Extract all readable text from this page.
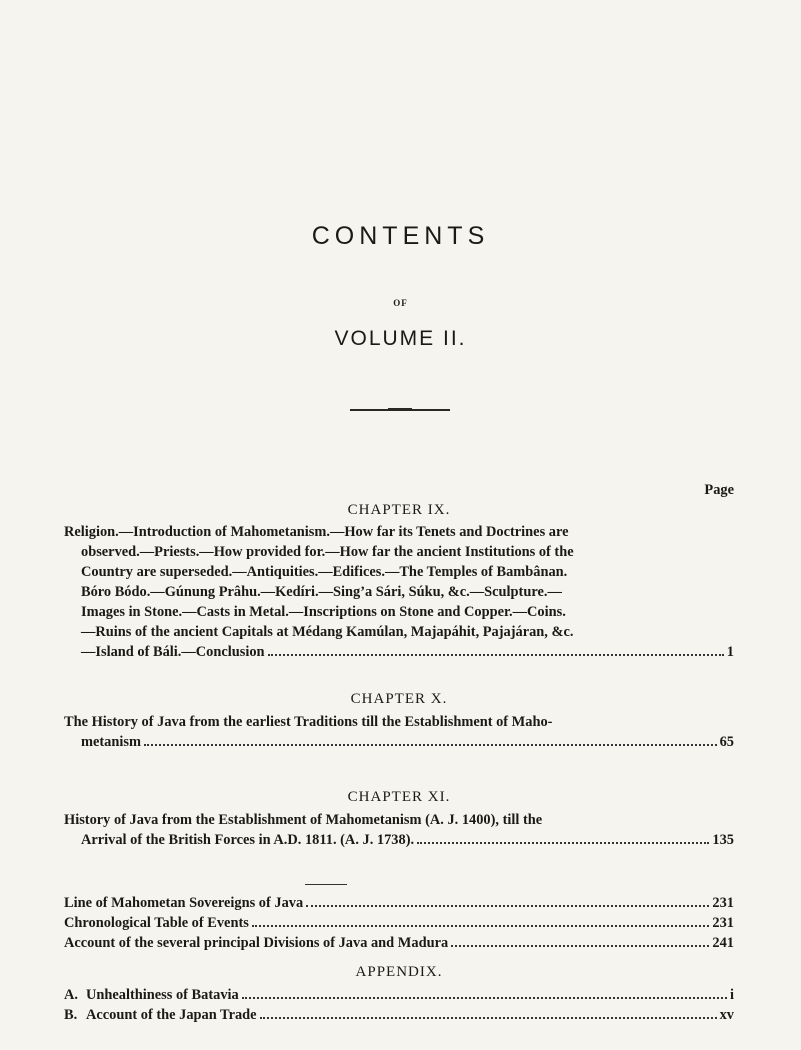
CONTENTS
OF
VOLUME II.
Page
CHAPTER IX.

Religion.—Introduction of Mahometanism.—How far its Tenets and Doctrines are

observed.—Priests.—How provided for.—How far the ancient Institutions of the

Country are superseded.—Antiquities.—Edifices.—The Temples of Bambânan.

Bóro Bódo.—Gúnung Prâhu.—Kedíri.—Sing’a Sári, Súku, &c.—Sculpture.—

Images in Stone.—Casts in Metal.—Inscriptions on Stone and Copper.—Coins.

—Ruins of the ancient Capitals at Médang Kamúlan, Majapáhit, Pajajáran, &c.

—Island of Báli.—Conclusion	1
CHAPTER X.

The History of Java from the earliest Traditions till the Establishment of Maho-

metanism	65
CHAPTER XI.

History of Java from the Establishment of Mahometanism (A. J. 1400), till the

Arrival of the British Forces in A.D. 1811. (A. J. 1738).	135
Line of Mahometan Sovereigns of Java	231
Chronological Table of Events	231
Account of the several principal Divisions of Java and Madura	241
APPENDIX.
A. Unhealthiness of Batavia	i
B. Account of the Japan Trade	xv
